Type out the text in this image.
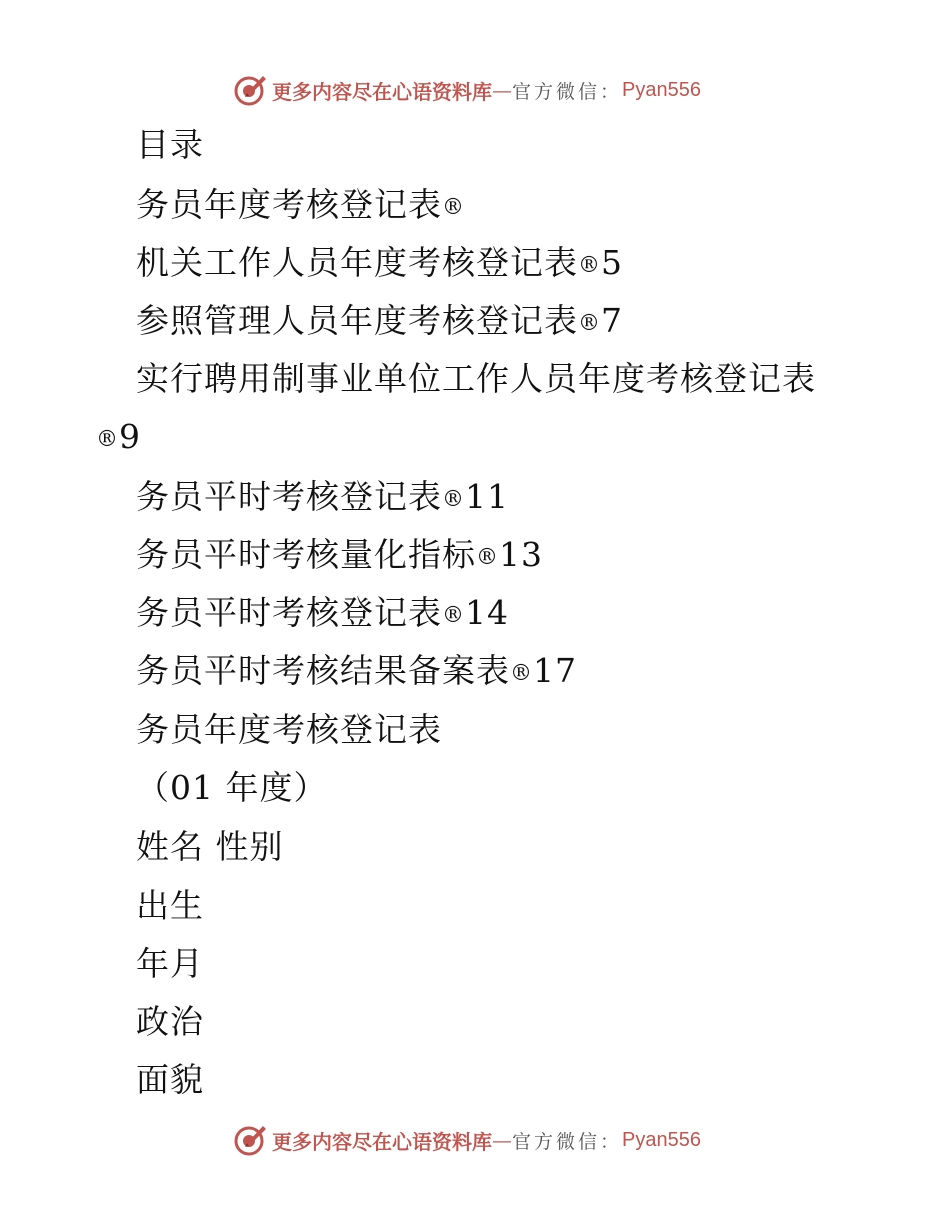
更多内容尽在心语资料库 — 官方微信： Pyan556
目录
务员年度考核登记表®
机关工作人员年度考核登记表®5
参照管理人员年度考核登记表®7
实行聘用制事业单位工作人员年度考核登记表
®9
务员平时考核登记表®11
务员平时考核量化指标®13
务员平时考核登记表®14
务员平时考核结果备案表®17
务员年度考核登记表
（01 年度）
姓名 性别
出生
年月
政治
面貌
更多内容尽在心语资料库 — 官方微信： Pyan556
